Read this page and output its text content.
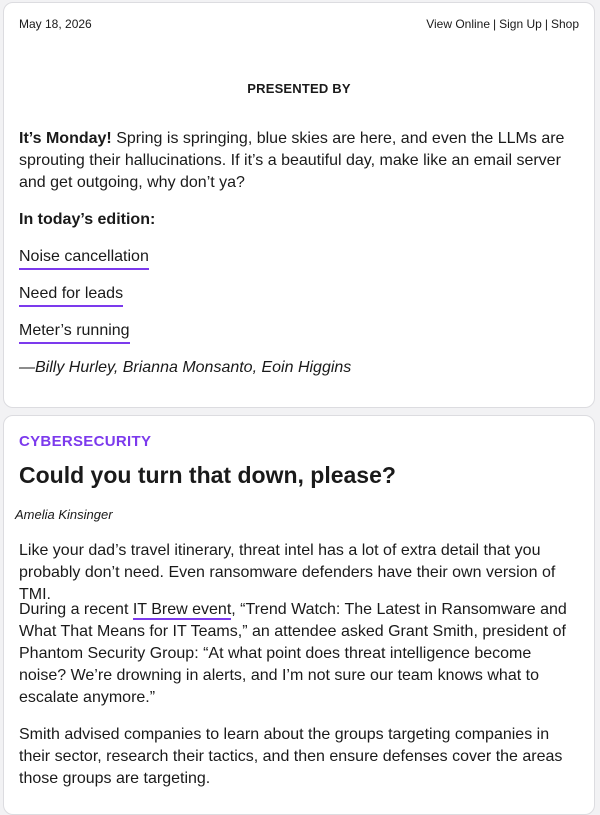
May 18, 2026	View Online | Sign Up | Shop
PRESENTED BY
It’s Monday! Spring is springing, blue skies are here, and even the LLMs are sprouting their hallucinations. If it’s a beautiful day, make like an email server and get outgoing, why don’t ya?
In today’s edition:
Noise cancellation
Need for leads
Meter’s running
—Billy Hurley, Brianna Monsanto, Eoin Higgins
CYBERSECURITY
Could you turn that down, please?
Amelia Kinsinger
Like your dad’s travel itinerary, threat intel has a lot of extra detail that you probably don’t need. Even ransomware defenders have their own version of TMI.
During a recent IT Brew event, “Trend Watch: The Latest in Ransomware and What That Means for IT Teams,” an attendee asked Grant Smith, president of Phantom Security Group: “At what point does threat intelligence become noise? We’re drowning in alerts, and I’m not sure our team knows what to escalate anymore.”
Smith advised companies to learn about the groups targeting companies in their sector, research their tactics, and then ensure defenses cover the areas those groups are targeting.
